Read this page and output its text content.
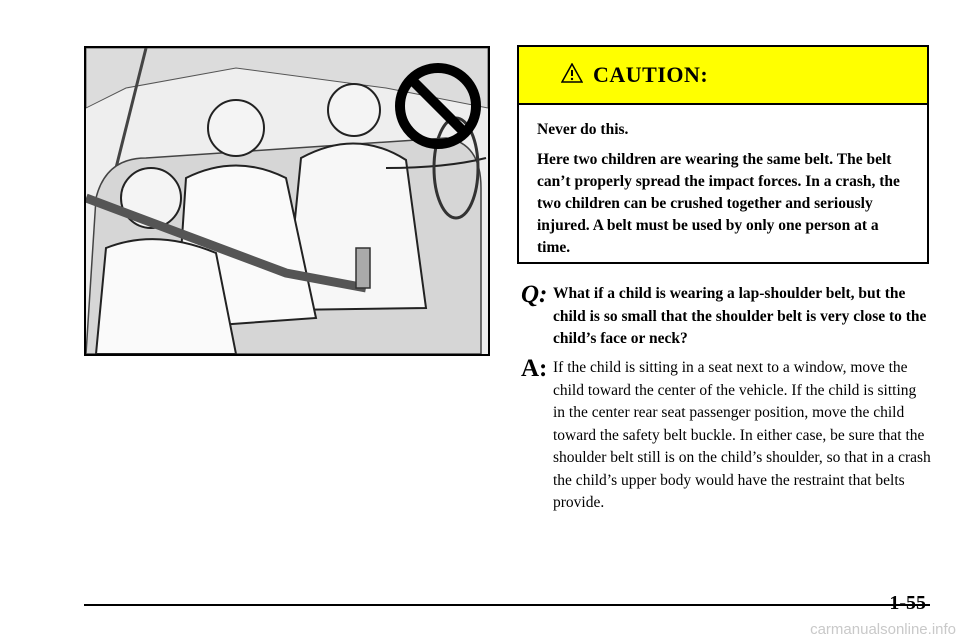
CAUTION:

Never do this.

Here two children are wearing the same belt. The belt can’t properly spread the impact forces. In a crash, the two children can be crushed together and seriously injured. A belt must be used by only one person at a time.

Q: What if a child is wearing a lap-shoulder belt, but the child is so small that the shoulder belt is very close to the child’s face or neck?
A: If the child is sitting in a seat next to a window, move the child toward the center of the vehicle. If the child is sitting in the center rear seat passenger position, move the child toward the safety belt buckle. In either case, be sure that the shoulder belt still is on the child’s shoulder, so that in a crash the child’s upper body would have the restraint that belts provide.
1-55
carmanualsonline.info
